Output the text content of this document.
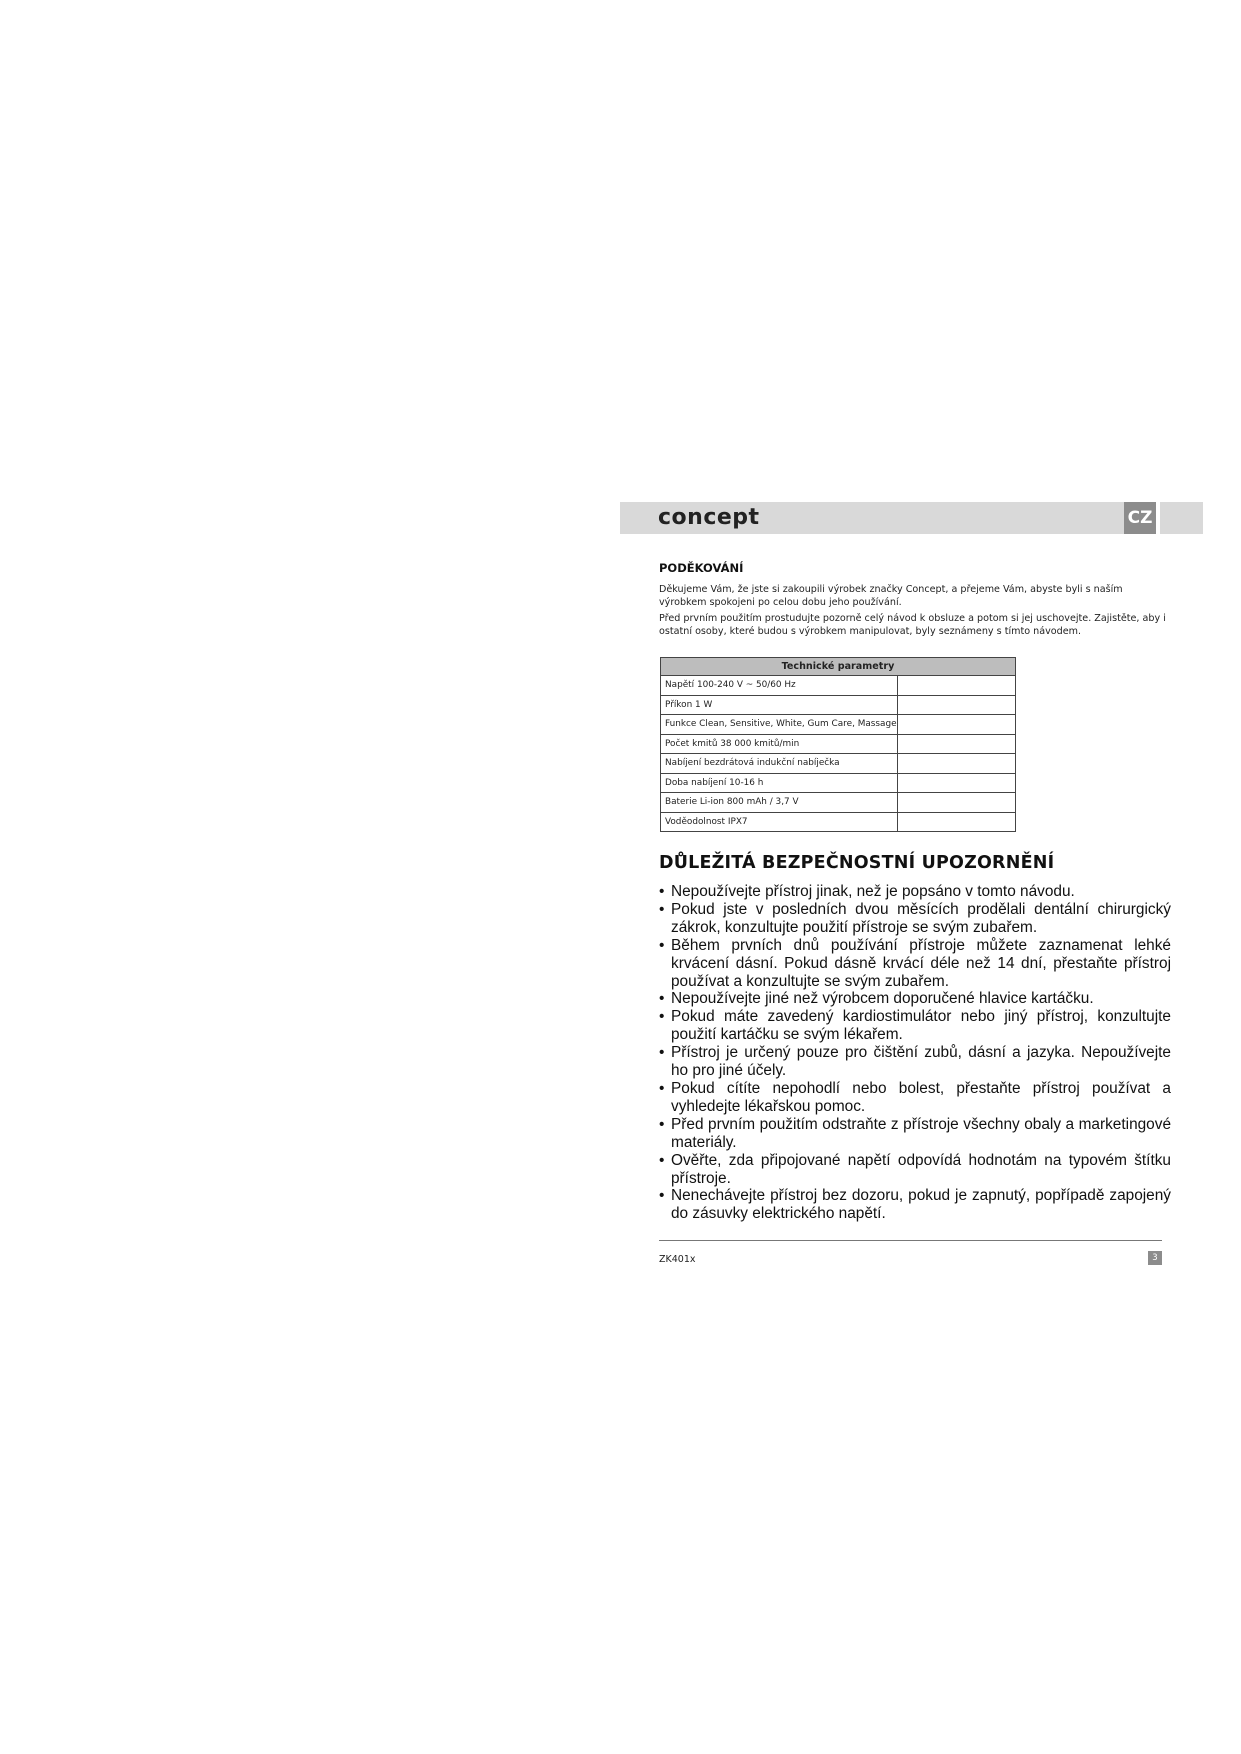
concept	CZ
PODĚKOVÁNÍ

Děkujeme Vám, že jste si zakoupili výrobek značky Concept, a přejeme Vám, abyste byli s naším výrobkem spokojeni po celou dobu jeho používání.

Před prvním použitím prostudujte pozorně celý návod k obsluze a potom si jej uschovejte. Zajistěte, aby i ostatní osoby, které budou s výrobkem manipulovat, byly seznámeny s tímto návodem.

Technické parametry	
Napětí 100-240 V ~ 50/60 Hz	
Příkon 1 W	
Funkce Clean, Sensitive, White, Gum Care, Massage	
Počet kmitů 38 000 kmitů/min	
Nabíjení bezdrátová indukční nabíječka	
Doba nabíjení 10-16 h	
Baterie Li-ion 800 mAh / 3,7 V	
Voděodolnost IPX7	
DŮLEŽITÁ BEZPEČNOSTNÍ UPOZORNĚNÍ
• Nepoužívejte přístroj jinak, než je popsáno v tomto návodu.
• Pokud jste v posledních dvou měsících prodělali dentální chirurgický zákrok, konzultujte použití přístroje se svým zubařem.
• Během prvních dnů používání přístroje můžete zaznamenat lehké krvácení dásní. Pokud dásně krvácí déle než 14 dní, přestaňte přístroj používat a konzultujte se svým zubařem.
• Nepoužívejte jiné než výrobcem doporučené hlavice kartáčku.
• Pokud máte zavedený kardiostimulátor nebo jiný přístroj, konzultujte použití kartáčku se svým lékařem.
• Přístroj je určený pouze pro čištění zubů, dásní a jazyka. Nepoužívejte ho pro jiné účely.
• Pokud cítíte nepohodlí nebo bolest, přestaňte přístroj používat a vyhledejte lékařskou pomoc.
• Před prvním použitím odstraňte z přístroje všechny obaly a marketingové materiály.
• Ověřte, zda připojované napětí odpovídá hodnotám na typovém štítku přístroje.
• Nenechávejte přístroj bez dozoru, pokud je zapnutý, popřípadě zapojený do zásuvky elektrického napětí.
ZK401x	3
